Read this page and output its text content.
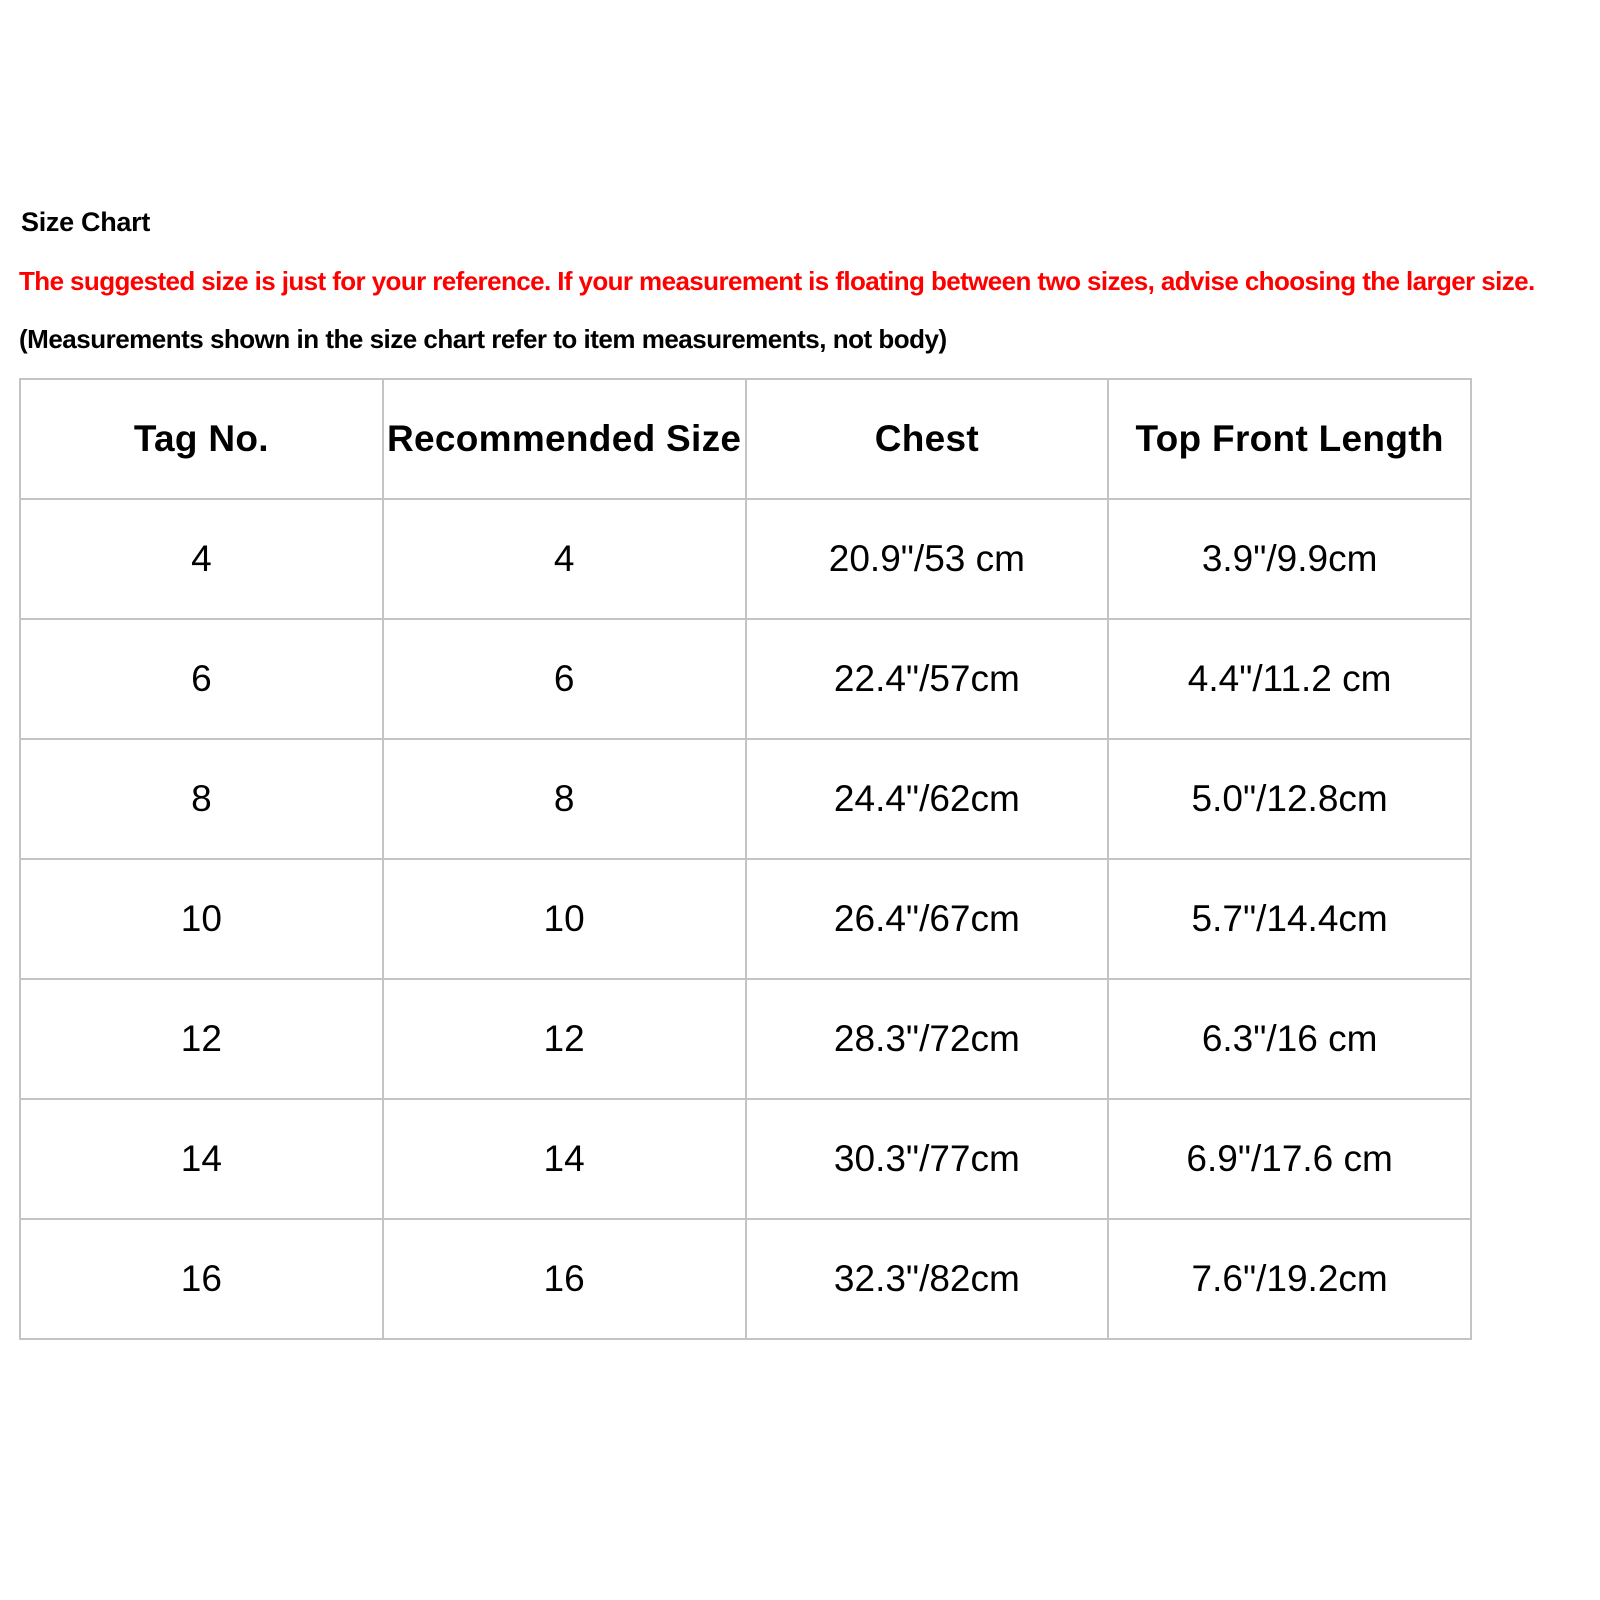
Size Chart
The suggested size is just for your reference. If your measurement is floating between two sizes, advise choosing the larger size.
(Measurements shown in the size chart refer to item measurements, not body)
Tag No.	Recommended Size	Chest	Top Front Length
4	4	20.9"/53 cm	3.9"/9.9cm
6	6	22.4"/57cm	4.4"/11.2 cm
8	8	24.4"/62cm	5.0"/12.8cm
10	10	26.4"/67cm	5.7"/14.4cm
12	12	28.3"/72cm	6.3"/16 cm
14	14	30.3"/77cm	6.9"/17.6 cm
16	16	32.3"/82cm	7.6"/19.2cm
